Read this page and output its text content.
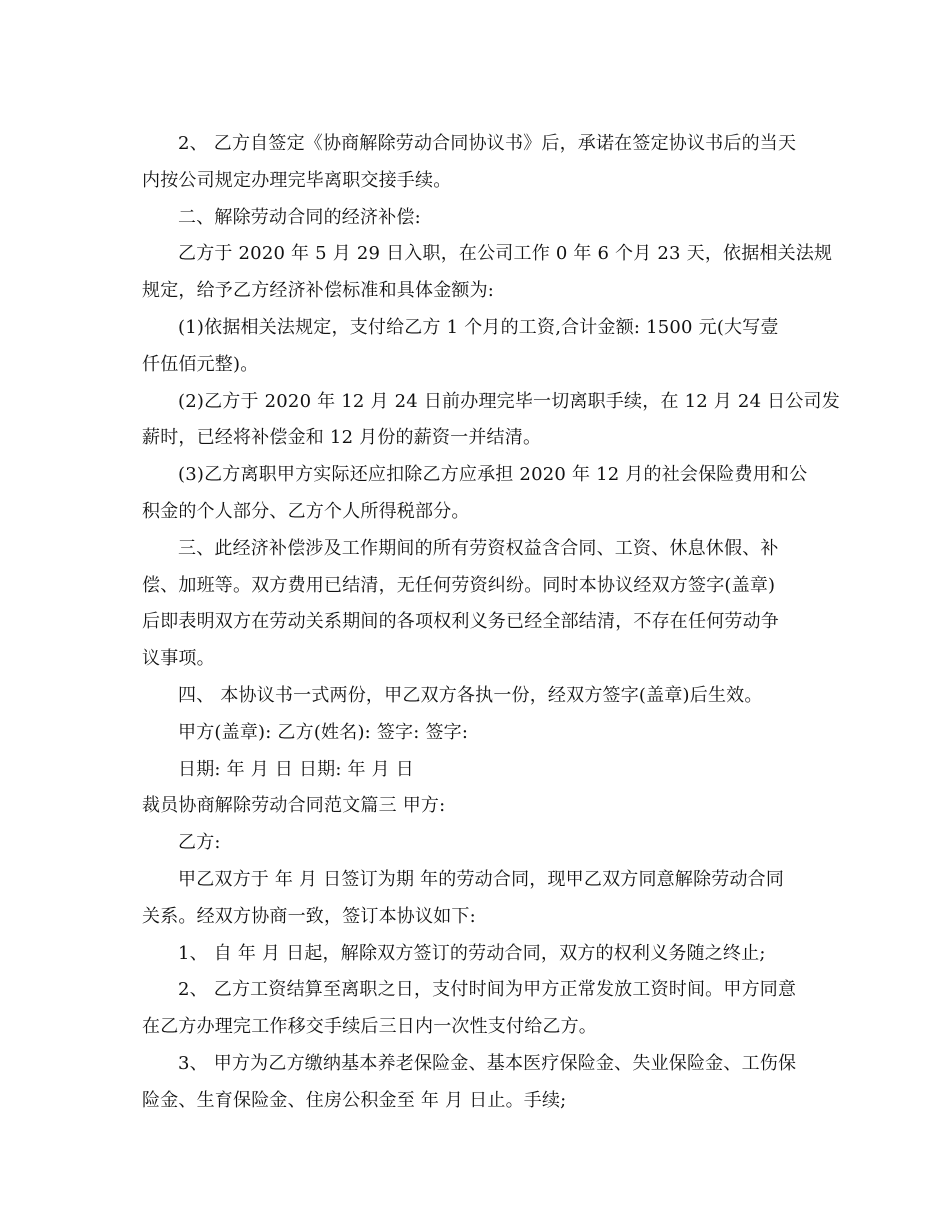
2、 乙方自签定《协商解除劳动合同协议书》后，承诺在签定协议书后的当天
内按公司规定办理完毕离职交接手续。
二、解除劳动合同的经济补偿:
乙方于 2020 年 5 月 29 日入职，在公司工作 0 年 6 个月 23 天，依据相关法规
规定，给予乙方经济补偿标准和具体金额为:
(1)依据相关法规定，支付给乙方 1 个月的工资,合计金额: 1500 元(大写壹
仟伍佰元整)。
(2)乙方于 2020 年 12 月 24 日前办理完毕一切离职手续，在 12 月 24 日公司发
薪时，已经将补偿金和 12 月份的薪资一并结清。
(3)乙方离职甲方实际还应扣除乙方应承担 2020 年 12 月的社会保险费用和公
积金的个人部分、乙方个人所得税部分。
三、此经济补偿涉及工作期间的所有劳资权益含合同、工资、休息休假、补
偿、加班等。双方费用已结清，无任何劳资纠纷。同时本协议经双方签字(盖章)
后即表明双方在劳动关系期间的各项权利义务已经全部结清，不存在任何劳动争
议事项。
四、 本协议书一式两份，甲乙双方各执一份，经双方签字(盖章)后生效。
甲方(盖章): 乙方(姓名): 签字: 签字:
日期: 年 月 日 日期: 年 月 日
裁员协商解除劳动合同范文篇三 甲方:
乙方:
甲乙双方于 年 月 日签订为期 年的劳动合同，现甲乙双方同意解除劳动合同
关系。经双方协商一致，签订本协议如下:
1、 自 年 月 日起，解除双方签订的劳动合同，双方的权利义务随之终止;
2、 乙方工资结算至离职之日，支付时间为甲方正常发放工资时间。甲方同意
在乙方办理完工作移交手续后三日内一次性支付给乙方。
3、 甲方为乙方缴纳基本养老保险金、基本医疗保险金、失业保险金、工伤保
险金、生育保险金、住房公积金至 年 月 日止。手续;
